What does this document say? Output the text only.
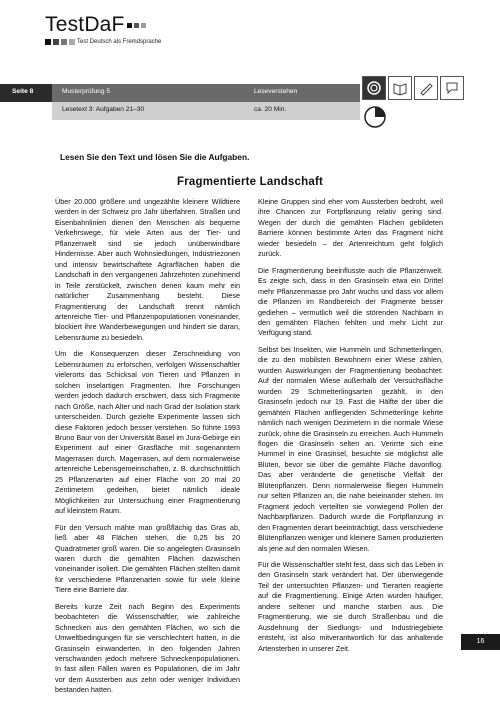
TestDaF
Test Deutsch als Fremdsprache
Seite 8	Musterprüfung 5	Leseverstehen
Lesetext 3: Aufgaben 21–30	ca. 20 Min.
Lesen Sie den Text und lösen Sie die Aufgaben.
Fragmentierte Landschaft

Über 20.000 größere und ungezählte kleinere Wildtiere werden in der Schweiz pro Jahr überfahren. Straßen und Eisenbahnlinien dienen den Menschen als bequeme Verkehrswege, für viele Arten aus der Tier- und Pflanzenwelt sind sie jedoch unüberwindbare Hindernisse. Aber auch Wohnsiedlungen, Industriezonen und intensiv bewirtschaftete Agrarflächen haben die Landschaft in den vergangenen Jahrzehnten zunehmend in Teile zerstückelt, zwischen denen kaum mehr ein natürlicher Zusammenhang besteht. Diese Fragmentierung der Landschaft trennt nämlich artenreiche Tier- und Pflanzenpopulationen voneinander, blockiert ihre Wanderbewegungen und hindert sie daran, Lebensräume zu besiedeln.

Um die Konsequenzen dieser Zerschneidung von Lebensräumen zu erforschen, verfolgen Wissenschaftler vielerorts das Schicksal von Tieren und Pflanzen in solchen inselartigen Fragmenten. Ihre Forschungen werden jedoch dadurch erschwert, dass sich Fragmente nach Größe, nach Alter und nach Grad der Isolation stark unterscheiden. Durch gezielte Experimente lassen sich diese Faktoren jedoch besser verstehen. So führte 1993 Bruno Baur von der Universität Basel im Jura-Gebirge ein Experiment auf einer Grasfläche mit sogenanntem Magerrasen durch. Magerrasen, auf dem normalerweise artenreiche Lebensgemeinschaften, z. B. durchschnittlich 25 Pflanzenarten auf einer Fläche von 20 mal 20 Zentimetern gedeihen, bietet nämlich ideale Möglichkeiten zur Untersuchung einer Fragmentierung auf kleinstem Raum.

Für den Versuch mähte man großflächig das Gras ab, ließ aber 48 Flächen stehen, die 0,25 bis 20 Quadratmeter groß waren. Die so angelegten Grasinseln waren durch die gemähten Flächen dazwischen voneinander isoliert. Die gemähten Flächen stellten damit für verschiedene Pflanzenarten sowie für viele kleine Tiere eine Barriere dar.

Bereits kurze Zeit nach Beginn des Experiments beobachteten die Wissenschaftler, wie zahlreiche Schnecken aus den gemähten Flächen, wo sich die Umweltbedingungen für sie verschlechtert hatten, in die Grasinseln einwanderten. In den folgenden Jahren verschwanden jedoch mehrere Schneckenpopulationen. In fast allen Fällen waren es Populationen, die im Jahr vor dem Aussterben aus zehn oder weniger Individuen bestanden hatten.

Kleine Gruppen sind eher vom Aussterben bedroht, weil ihre Chancen zur Fortpflanzung relativ gering sind. Wegen der durch die gemähten Flächen gebildeten Barriere können bestimmte Arten das Fragment nicht wieder besiedeln – der Artenreichtum geht folglich zurück.

Die Fragmentierung beeinflusste auch die Pflanzenwelt. Es zeigte sich, dass in den Grasinseln etwa ein Drittel mehr Pflanzenmasse pro Jahr wuchs und dass vor allem die Pflanzen im Randbereich der Fragmente besser gediehen – vermutlich weil die störenden Nachbarn in den gemähten Flächen fehlten und mehr Licht zur Verfügung stand.

Selbst bei Insekten, wie Hummeln und Schmetterlingen, die zu den mobilsten Bewohnern einer Wiese zählen, wurden Auswirkungen der Fragmentierung beobachtet: Auf der normalen Wiese außerhalb der Versuchsfläche wurden 29 Schmetterlingsarten gezählt, in den Grasinseln jedoch nur 19. Fast die Hälfte der über die gemähten Flächen anfliegenden Schmetterlinge kehrte nämlich nach wenigen Dezimetern in die normale Wiese zurück, ohne die Grasinseln zu erreichen. Auch Hummeln flogen die Grasinseln selten an. Verirrte sich eine Hummel in eine Grasinsel, besuchte sie möglichst alle Blüten, bevor sie über die gemähte Fläche davonflog. Das aber veränderte die genetische Vielfalt der Blütenpflanzen. Denn normalerweise fliegen Hummeln nur selten Pflanzen an, die nahe beieinander stehen. Im Fragment jedoch verteilten sie vorwiegend Pollen der Nachbarpflanzen. Dadurch wurde die Fortpflanzung in den Fragmenten derart beeinträchtigt, dass verschiedene Blütenpflanzen weniger und kleinere Samen produzierten als jene auf den normalen Wiesen.

Für die Wissenschaftler steht fest, dass sich das Leben in den Grasinseln stark verändert hat. Der überwiegende Teil der untersuchten Pflanzen- und Tierarten reagierte auf die Fragmentierung. Einige Arten wurden häufiger, andere seltener und manche starben aus. Die Fragmentierung, wie sie durch Straßenbau und die Ausdehnung der Siedlungs- und Industriegebiete entsteht, ist also mitverantwortlich für das anhaltende Artensterben in unserer Zeit.

16
